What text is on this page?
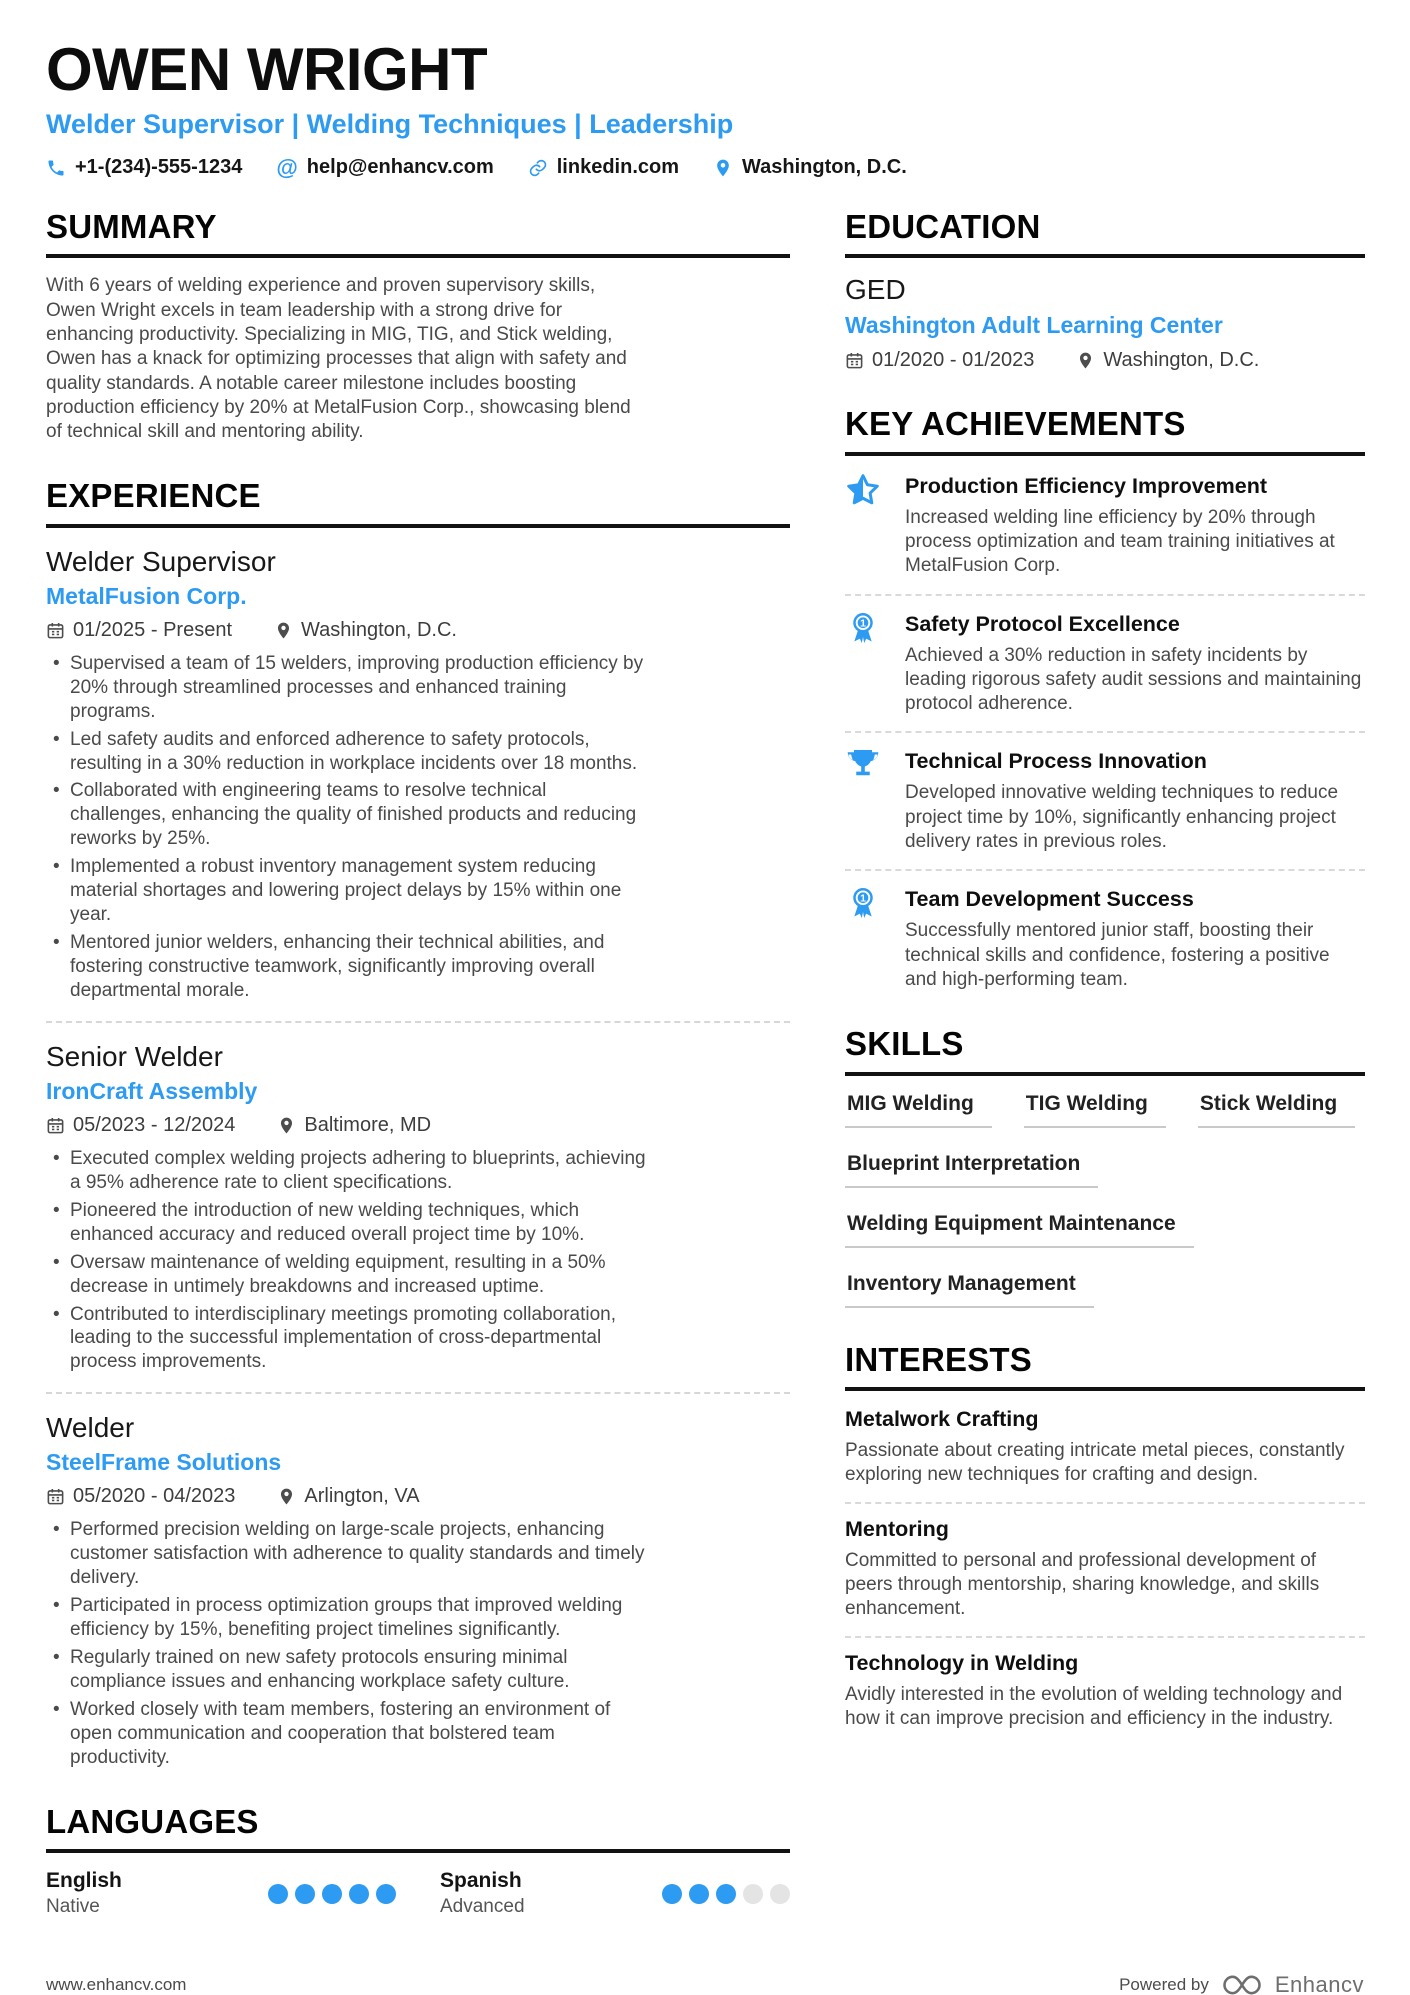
OWEN WRIGHT
Welder Supervisor | Welding Techniques | Leadership
+1-(234)-555-1234 @ help@enhancv.com	linkedin.com	Washington, D.C.
SUMMARY
With 6 years of welding experience and proven supervisory skills, Owen Wright excels in team leadership with a strong drive for enhancing productivity. Specializing in MIG, TIG, and Stick welding, Owen has a knack for optimizing processes that align with safety and quality standards. A notable career milestone includes boosting production efficiency by 20% at MetalFusion Corp., showcasing blend of technical skill and mentoring ability.
EXPERIENCE
Welder Supervisor
MetalFusion Corp.
01/2025 - Present	Washington, D.C.
• Supervised a team of 15 welders, improving production efficiency by 20% through streamlined processes and enhanced training programs.
• Led safety audits and enforced adherence to safety protocols, resulting in a 30% reduction in workplace incidents over 18 months.
• Collaborated with engineering teams to resolve technical challenges, enhancing the quality of finished products and reducing reworks by 25%.
• Implemented a robust inventory management system reducing material shortages and lowering project delays by 15% within one year.
• Mentored junior welders, enhancing their technical abilities, and fostering constructive teamwork, significantly improving overall departmental morale.
Senior Welder
IronCraft Assembly
05/2023 - 12/2024	Baltimore, MD
• Executed complex welding projects adhering to blueprints, achieving a 95% adherence rate to client specifications.
• Pioneered the introduction of new welding techniques, which enhanced accuracy and reduced overall project time by 10%.
• Oversaw maintenance of welding equipment, resulting in a 50% decrease in untimely breakdowns and increased uptime.
• Contributed to interdisciplinary meetings promoting collaboration, leading to the successful implementation of cross-departmental process improvements.
Welder
SteelFrame Solutions
05/2020 - 04/2023	Arlington, VA
• Performed precision welding on large-scale projects, enhancing customer satisfaction with adherence to quality standards and timely delivery.
• Participated in process optimization groups that improved welding efficiency by 15%, benefiting project timelines significantly.
• Regularly trained on new safety protocols ensuring minimal compliance issues and enhancing workplace safety culture.
• Worked closely with team members, fostering an environment of open communication and cooperation that bolstered team productivity.
LANGUAGES
English
Native
Spanish
Advanced
EDUCATION
GED
Washington Adult Learning Center
01/2020 - 01/2023	Washington, D.C.
KEY ACHIEVEMENTS
Production Efficiency Improvement
Increased welding line efficiency by 20% through process optimization and team training initiatives at MetalFusion Corp.
1 Safety Protocol Excellence
Achieved a 30% reduction in safety incidents by leading rigorous safety audit sessions and maintaining protocol adherence.
Technical Process Innovation
Developed innovative welding techniques to reduce project time by 10%, significantly enhancing project delivery rates in previous roles.
1 Team Development Success
Successfully mentored junior staff, boosting their technical skills and confidence, fostering a positive and high-performing team.
SKILLS
MIG Welding	TIG Welding	Stick Welding
Blueprint Interpretation
Welding Equipment Maintenance
Inventory Management
INTERESTS
Metalwork Crafting
Passionate about creating intricate metal pieces, constantly exploring new techniques for crafting and design.
Mentoring
Committed to personal and professional development of peers through mentorship, sharing knowledge, and skills enhancement.
Technology in Welding
Avidly interested in the evolution of welding technology and how it can improve precision and efficiency in the industry.
www.enhancv.com	Powered by	Enhancv
